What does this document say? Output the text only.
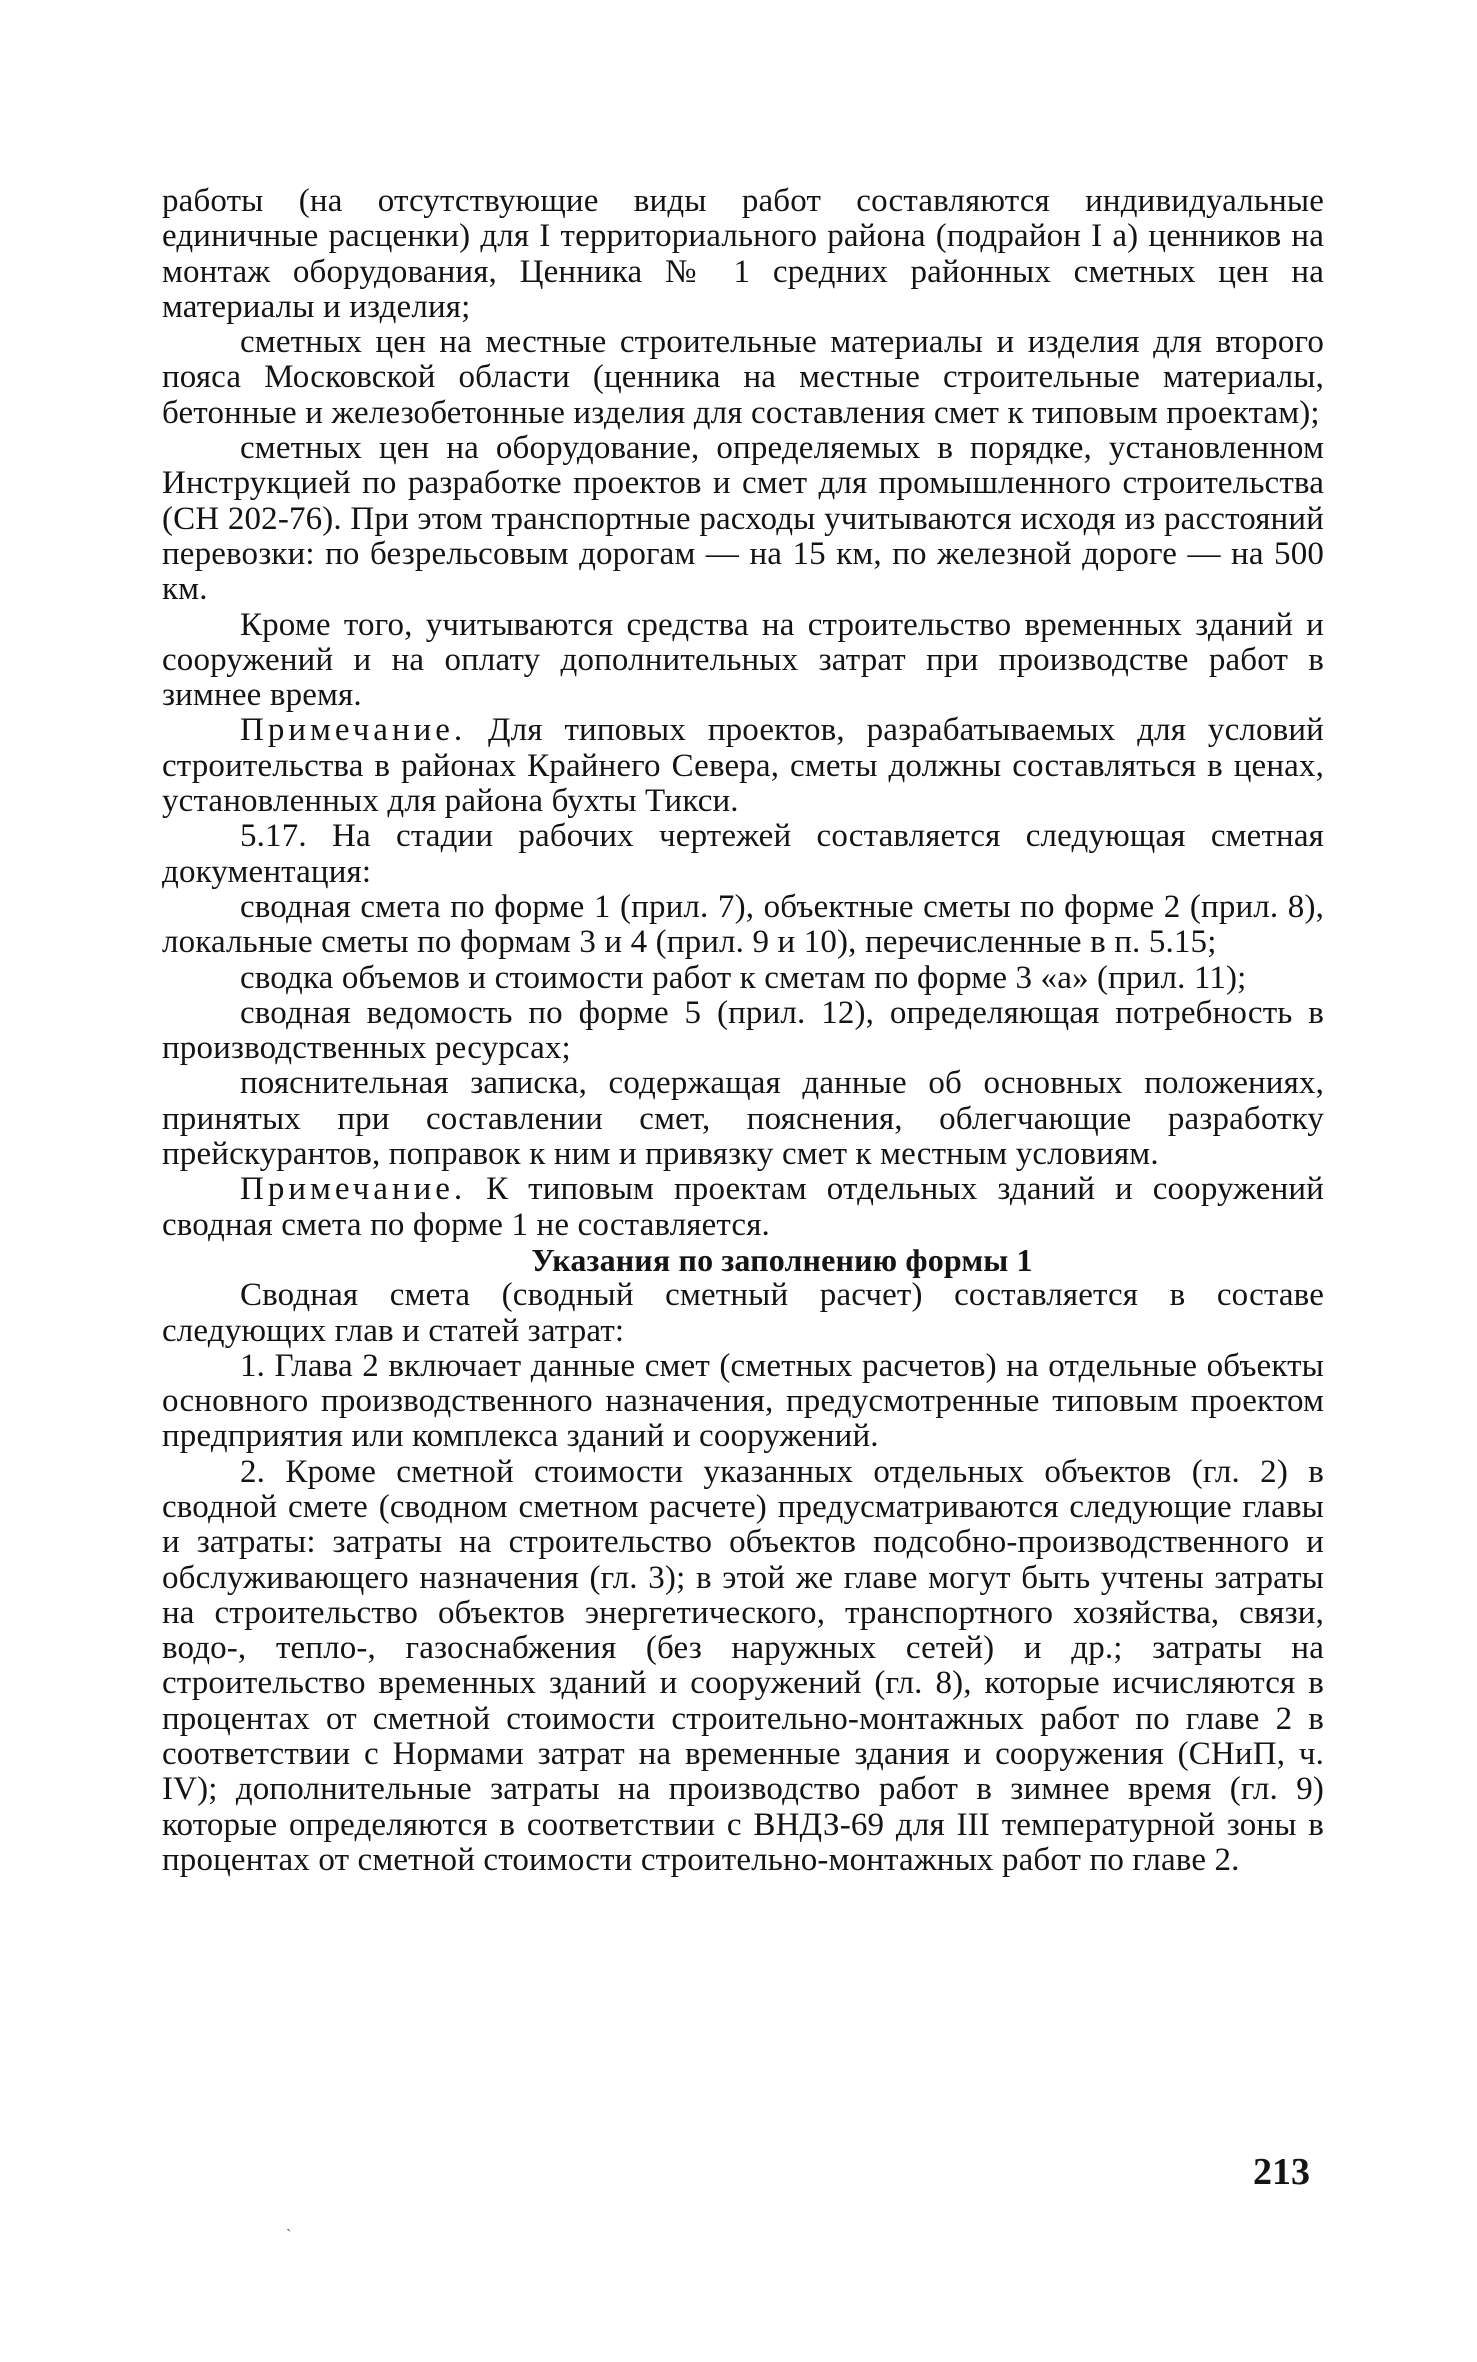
работы (на отсутствующие виды работ составляются индивидуальные единичные расценки) для I территориального района (подрайон I а) ценников на монтаж оборудования, Ценника № 1 средних районных сметных цен на материалы и изделия;

сметных цен на местные строительные материалы и изделия для второго пояса Московской области (ценника на местные строительные материалы, бетонные и железобетонные изделия для составления смет к типовым проектам);

сметных цен на оборудование, определяемых в порядке, установленном Инструкцией по разработке проектов и смет для промышленного строительства (СН 202-76). При этом транспортные расходы учитываются исходя из расстояний перевозки: по безрельсовым дорогам — на 15 км, по железной дороге — на 500 км.

Кроме того, учитываются средства на строительство временных зданий и сооружений и на оплату дополнительных затрат при производстве работ в зимнее время.

Примечание. Для типовых проектов, разрабатываемых для условий строительства в районах Крайнего Севера, сметы должны составляться в ценах, установленных для района бухты Тикси.

5.17. На стадии рабочих чертежей составляется следующая сметная документация:

сводная смета по форме 1 (прил. 7), объектные сметы по форме 2 (прил. 8), локальные сметы по формам 3 и 4 (прил. 9 и 10), перечисленные в п. 5.15;

сводка объемов и стоимости работ к сметам по форме 3 «а» (прил. 11);

сводная ведомость по форме 5 (прил. 12), определяющая потребность в производственных ресурсах;

пояснительная записка, содержащая данные об основных положениях, принятых при составлении смет, пояснения, облегчающие разработку прейскурантов, поправок к ним и привязку смет к местным условиям.

Примечание. К типовым проектам отдельных зданий и сооружений сводная смета по форме 1 не составляется.

Указания по заполнению формы 1

Сводная смета (сводный сметный расчет) составляется в составе следующих глав и статей затрат:

1. Глава 2 включает данные смет (сметных расчетов) на отдельные объекты основного производственного назначения, предусмотренные типовым проектом предприятия или комплекса зданий и сооружений.

2. Кроме сметной стоимости указанных отдельных объектов (гл. 2) в сводной смете (сводном сметном расчете) предусматриваются следующие главы и затраты: затраты на строительство объектов подсобно-производственного и обслуживающего назначения (гл. 3); в этой же главе могут быть учтены затраты на строительство объектов энергетического, транспортного хозяйства, связи, водо-, тепло-, газоснабжения (без наружных сетей) и др.; затраты на строительство временных зданий и сооружений (гл. 8), которые исчисляются в процентах от сметной стоимости строительно-монтажных работ по главе 2 в соответствии с Нормами затрат на временные здания и сооружения (СНиП, ч. IV); дополнительные затраты на производство работ в зимнее время (гл. 9) которые определяются в соответствии с ВНДЗ-69 для III температурной зоны в процентах от сметной стоимости строительно-монтажных работ по главе 2.

213
ˏ
